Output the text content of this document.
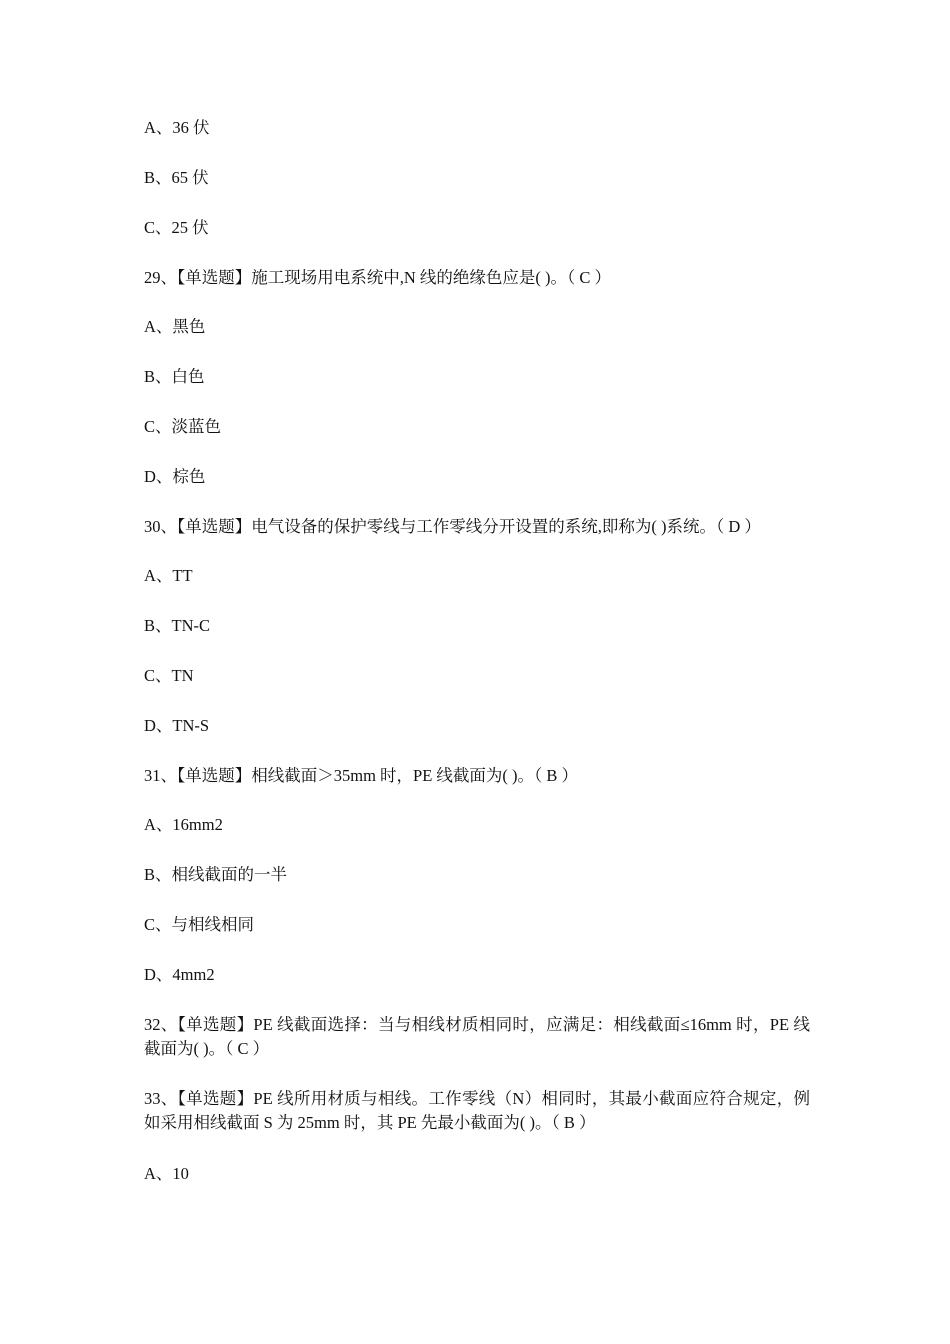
A、36 伏
B、65 伏
C、25 伏
29、【单选题】施工现场用电系统中,N 线的绝缘色应是( )。（ C ）
A、黑色
B、白色
C、淡蓝色
D、棕色
30、【单选题】电气设备的保护零线与工作零线分开设置的系统,即称为( )系统。（ D ）
A、TT
B、TN-C
C、TN
D、TN-S
31、【单选题】相线截面＞35mm 时，PE 线截面为( )。（ B ）
A、16mm2
B、相线截面的一半
C、与相线相同
D、4mm2
32、【单选题】PE 线截面选择：当与相线材质相同时，应满足：相线截面≤16mm 时，PE 线截面为( )。（ C ）
33、【单选题】PE 线所用材质与相线。工作零线（N）相同时，其最小截面应符合规定，例如采用相线截面 S 为 25mm 时，其 PE 先最小截面为( )。（ B ）
A、10
